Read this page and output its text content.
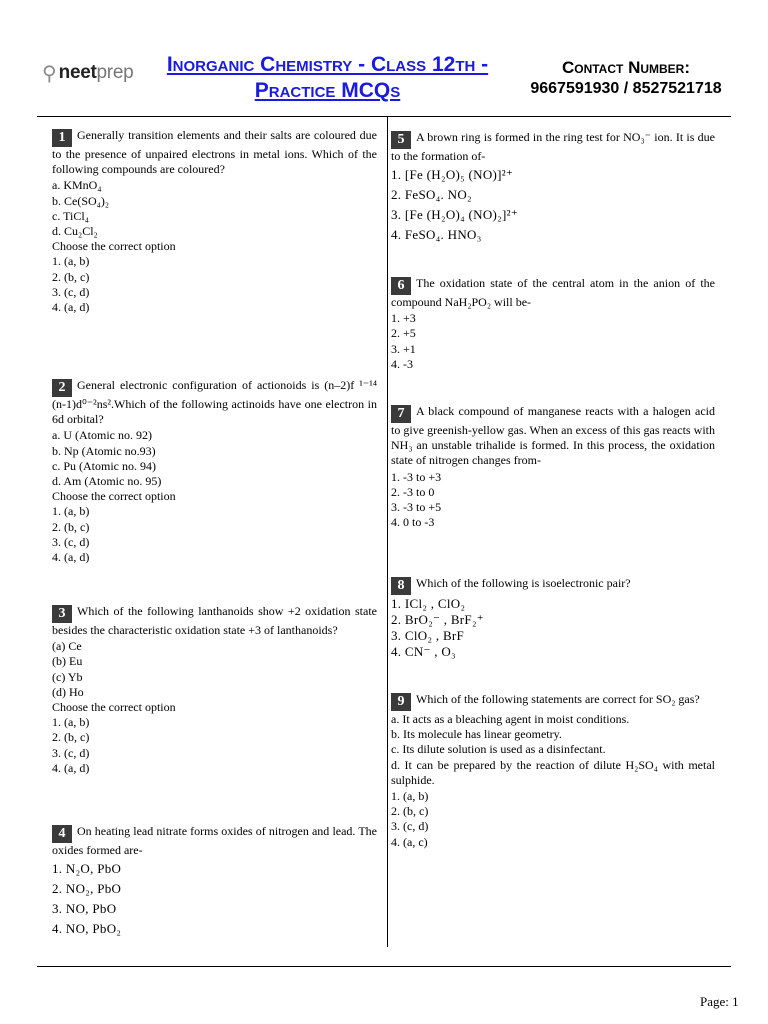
⚲ neetprep	Inorganic Chemistry - Class 12th - Practice MCQs
Contact Number:
9667591930 / 8527521718

1 Generally transition elements and their salts are coloured due to the presence of unpaired electrons in metal ions. Which of the following compounds are coloured?

a. KMnO₄

b. Ce(SO₄)₂

c. TiCl₄

d. Cu₂Cl₂

Choose the correct option

1. (a, b)

2. (b, c)

3. (c, d)

4. (a, d)

2 General electronic configuration of actionoids is (n–2)f ¹⁻¹⁴ (n-1)d⁰⁻²ns².Which of the following actinoids have one electron in 6d orbital?

a. U (Atomic no. 92)

b. Np (Atomic no.93)

c. Pu (Atomic no. 94)

d. Am (Atomic no. 95)

Choose the correct option

1. (a, b)

2. (b, c)

3. (c, d)

4. (a, d)

3 Which of the following lanthanoids show +2 oxidation state besides the characteristic oxidation state +3 of lanthanoids?

(a) Ce

(b) Eu

(c) Yb

(d) Ho

Choose the correct option

1. (a, b)

2. (b, c)

3. (c, d)

4. (a, d)

4 On heating lead nitrate forms oxides of nitrogen and lead. The oxides formed are-

1. N₂O, PbO

2. NO₂, PbO

3. NO, PbO

4. NO, PbO₂

5 A brown ring is formed in the ring test for NO₃⁻ ion. It is due to the formation of-

1. [Fe (H₂O)₅ (NO)]²⁺

2. FeSO₄. NO₂

3. [Fe (H₂O)₄ (NO)₂]²⁺

4. FeSO₄. HNO₃

6 The oxidation state of the central atom in the anion of the compound NaH₂PO₂ will be-

1. +3

2. +5

3. +1

4. -3

7 A black compound of manganese reacts with a halogen acid to give greenish-yellow gas. When an excess of this gas reacts with NH₃ an unstable trihalide is formed. In this process, the oxidation state of nitrogen changes from-

1. -3 to +3

2. -3 to 0

3. -3 to +5

4. 0 to -3

8 Which of the following is isoelectronic pair?

1. ICl₂ , ClO₂

2. BrO₂⁻ , BrF₂⁺

3. ClO₂ , BrF

4. CN⁻ , O₃

9 Which of the following statements are correct for SO₂ gas?

a. It acts as a bleaching agent in moist conditions.

b. Its molecule has linear geometry.

c. Its dilute solution is used as a disinfectant.

d. It can be prepared by the reaction of dilute H₂SO₄ with metal sulphide.

1. (a, b)

2. (b, c)

3. (c, d)

4. (a, c)

Page: 1
